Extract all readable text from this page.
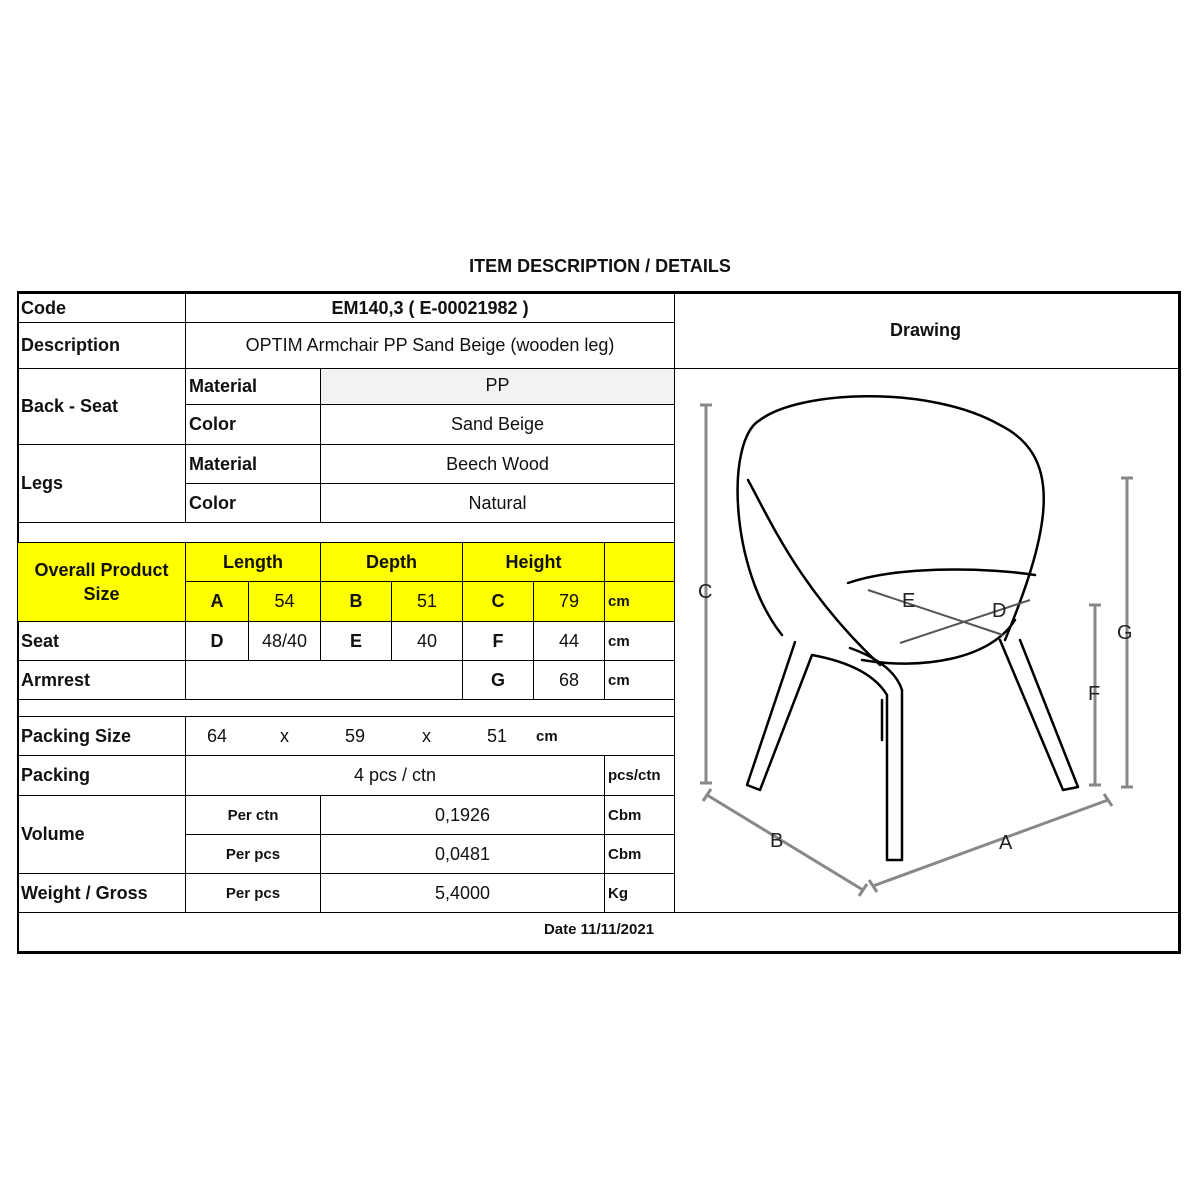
ITEM DESCRIPTION / DETAILS
Code	EM140,3 ( E-00021982 )
Description	OPTIM Armchair PP Sand Beige (wooden leg)
Drawing
Back - Seat
Material	PP
Color	Sand Beige
Legs
Material	Beech Wood
Color	Natural
Overall Product Size
Length	Depth	Height
A	54	B	51	C	79	cm
Seat	D	48/40	E	40	F	44	cm
Armrest	G	68	cm
Packing Size	64	x	59	x	51 cm
Packing	4 pcs / ctn	pcs/ctn
Volume
Per ctn	0,1926	Cbm
Per pcs	0,0481	Cbm
Weight / Gross	Per pcs	5,4000	Kg
Date 11/11/2021
C
G
F
E	D
B	A
